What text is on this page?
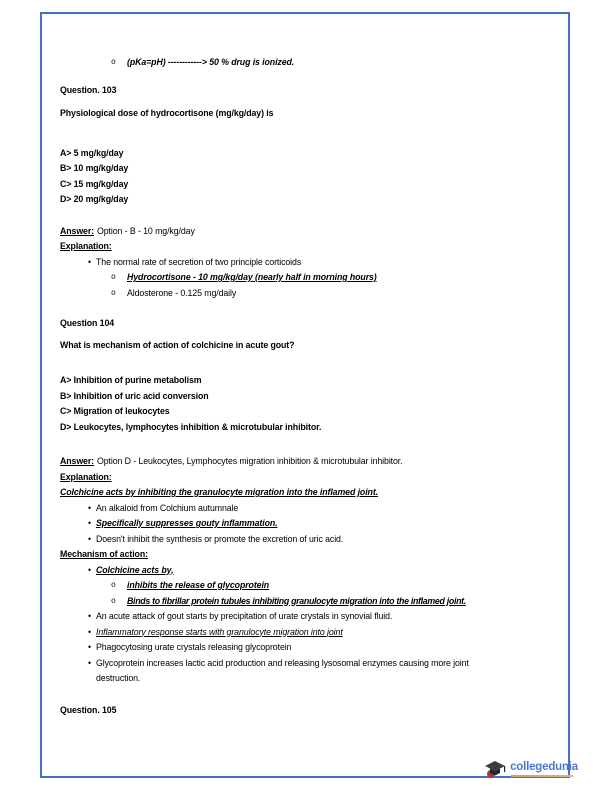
o (pKa=pH) ------------> 50 % drug is ionized.
Question. 103
Physiological dose of hydrocortisone (mg/kg/day) is
A> 5 mg/kg/day
B> 10 mg/kg/day
C> 15 mg/kg/day
D> 20 mg/kg/day
Answer: Option - B - 10 mg/kg/day
Explanation:
• The normal rate of secretion of two principle corticoids
o Hydrocortisone - 10 mg/kg/day (nearly half in morning hours)
o Aldosterone - 0.125 mg/daily
Question 104
What is mechanism of action of colchicine in acute gout?
A> Inhibition of purine metabolism
B> Inhibition of uric acid conversion
C> Migration of leukocytes
D> Leukocytes, lymphocytes inhibition & microtubular inhibitor.
Answer: Option D - Leukocytes, Lymphocytes migration inhibition & microtubular inhibitor.
Explanation:
Colchicine acts by inhibiting the granulocyte migration into the inflamed joint.
• An alkaloid from Colchium autumnale
• Specifically suppresses gouty inflammation.
• Doesn't inhibit the synthesis or promote the excretion of uric acid.
Mechanism of action:
• Colchicine acts by,
o inhibits the release of glycoprotein
o Binds to fibrillar protein tubules inhibiting granulocyte migration into the inflamed joint.
• An acute attack of gout starts by precipitation of urate crystals in synovial fluid.
• Inflammatory response starts with granulocyte migration into joint
• Phagocytosing urate crystals releasing glycoprotein
• Glycoprotein increases lactic acid production and releasing lysosomal enzymes causing more joint destruction.
Question. 105
collegedunia
